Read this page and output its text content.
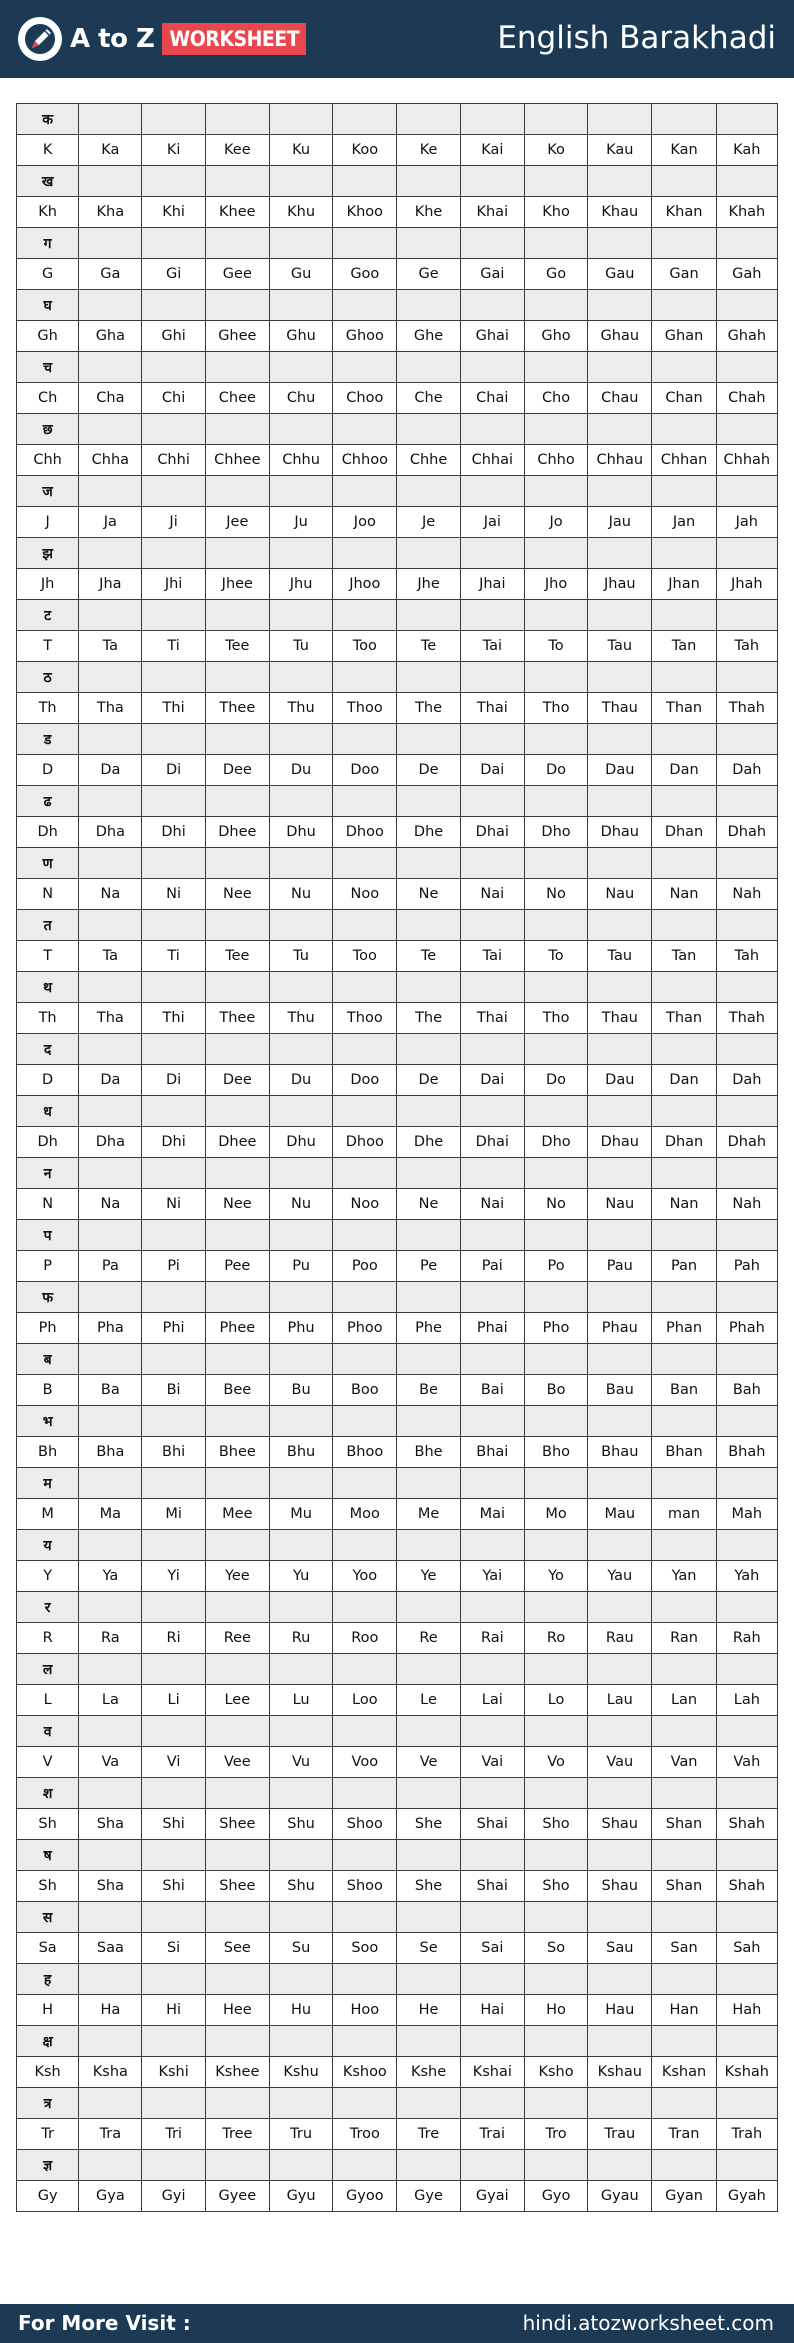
A to Z WORKSHEET	English Barakhadi
क											
K	Ka	Ki	Kee	Ku	Koo	Ke	Kai	Ko	Kau	Kan	Kah
ख											
Kh	Kha	Khi	Khee	Khu	Khoo	Khe	Khai	Kho	Khau	Khan	Khah
ग											
G	Ga	Gi	Gee	Gu	Goo	Ge	Gai	Go	Gau	Gan	Gah
घ											
Gh	Gha	Ghi	Ghee	Ghu	Ghoo	Ghe	Ghai	Gho	Ghau	Ghan	Ghah
च											
Ch	Cha	Chi	Chee	Chu	Choo	Che	Chai	Cho	Chau	Chan	Chah
छ											
Chh	Chha	Chhi	Chhee	Chhu	Chhoo	Chhe	Chhai	Chho	Chhau	Chhan	Chhah
ज											
J	Ja	Ji	Jee	Ju	Joo	Je	Jai	Jo	Jau	Jan	Jah
झ											
Jh	Jha	Jhi	Jhee	Jhu	Jhoo	Jhe	Jhai	Jho	Jhau	Jhan	Jhah
ट											
T	Ta	Ti	Tee	Tu	Too	Te	Tai	To	Tau	Tan	Tah
ठ											
Th	Tha	Thi	Thee	Thu	Thoo	The	Thai	Tho	Thau	Than	Thah
ड											
D	Da	Di	Dee	Du	Doo	De	Dai	Do	Dau	Dan	Dah
ढ											
Dh	Dha	Dhi	Dhee	Dhu	Dhoo	Dhe	Dhai	Dho	Dhau	Dhan	Dhah
ण											
N	Na	Ni	Nee	Nu	Noo	Ne	Nai	No	Nau	Nan	Nah
त											
T	Ta	Ti	Tee	Tu	Too	Te	Tai	To	Tau	Tan	Tah
थ											
Th	Tha	Thi	Thee	Thu	Thoo	The	Thai	Tho	Thau	Than	Thah
द											
D	Da	Di	Dee	Du	Doo	De	Dai	Do	Dau	Dan	Dah
ध											
Dh	Dha	Dhi	Dhee	Dhu	Dhoo	Dhe	Dhai	Dho	Dhau	Dhan	Dhah
न											
N	Na	Ni	Nee	Nu	Noo	Ne	Nai	No	Nau	Nan	Nah
प											
P	Pa	Pi	Pee	Pu	Poo	Pe	Pai	Po	Pau	Pan	Pah
फ											
Ph	Pha	Phi	Phee	Phu	Phoo	Phe	Phai	Pho	Phau	Phan	Phah
ब											
B	Ba	Bi	Bee	Bu	Boo	Be	Bai	Bo	Bau	Ban	Bah
भ											
Bh	Bha	Bhi	Bhee	Bhu	Bhoo	Bhe	Bhai	Bho	Bhau	Bhan	Bhah
म											
M	Ma	Mi	Mee	Mu	Moo	Me	Mai	Mo	Mau	man	Mah
य											
Y	Ya	Yi	Yee	Yu	Yoo	Ye	Yai	Yo	Yau	Yan	Yah
र											
R	Ra	Ri	Ree	Ru	Roo	Re	Rai	Ro	Rau	Ran	Rah
ल											
L	La	Li	Lee	Lu	Loo	Le	Lai	Lo	Lau	Lan	Lah
व											
V	Va	Vi	Vee	Vu	Voo	Ve	Vai	Vo	Vau	Van	Vah
श											
Sh	Sha	Shi	Shee	Shu	Shoo	She	Shai	Sho	Shau	Shan	Shah
ष											
Sh	Sha	Shi	Shee	Shu	Shoo	She	Shai	Sho	Shau	Shan	Shah
स											
Sa	Saa	Si	See	Su	Soo	Se	Sai	So	Sau	San	Sah
ह											
H	Ha	Hi	Hee	Hu	Hoo	He	Hai	Ho	Hau	Han	Hah
क्ष											
Ksh	Ksha	Kshi	Kshee	Kshu	Kshoo	Kshe	Kshai	Ksho	Kshau	Kshan	Kshah
त्र											
Tr	Tra	Tri	Tree	Tru	Troo	Tre	Trai	Tro	Trau	Tran	Trah
ज्ञ											
Gy	Gya	Gyi	Gyee	Gyu	Gyoo	Gye	Gyai	Gyo	Gyau	Gyan	Gyah
For More Visit :	hindi.atozworksheet.com
